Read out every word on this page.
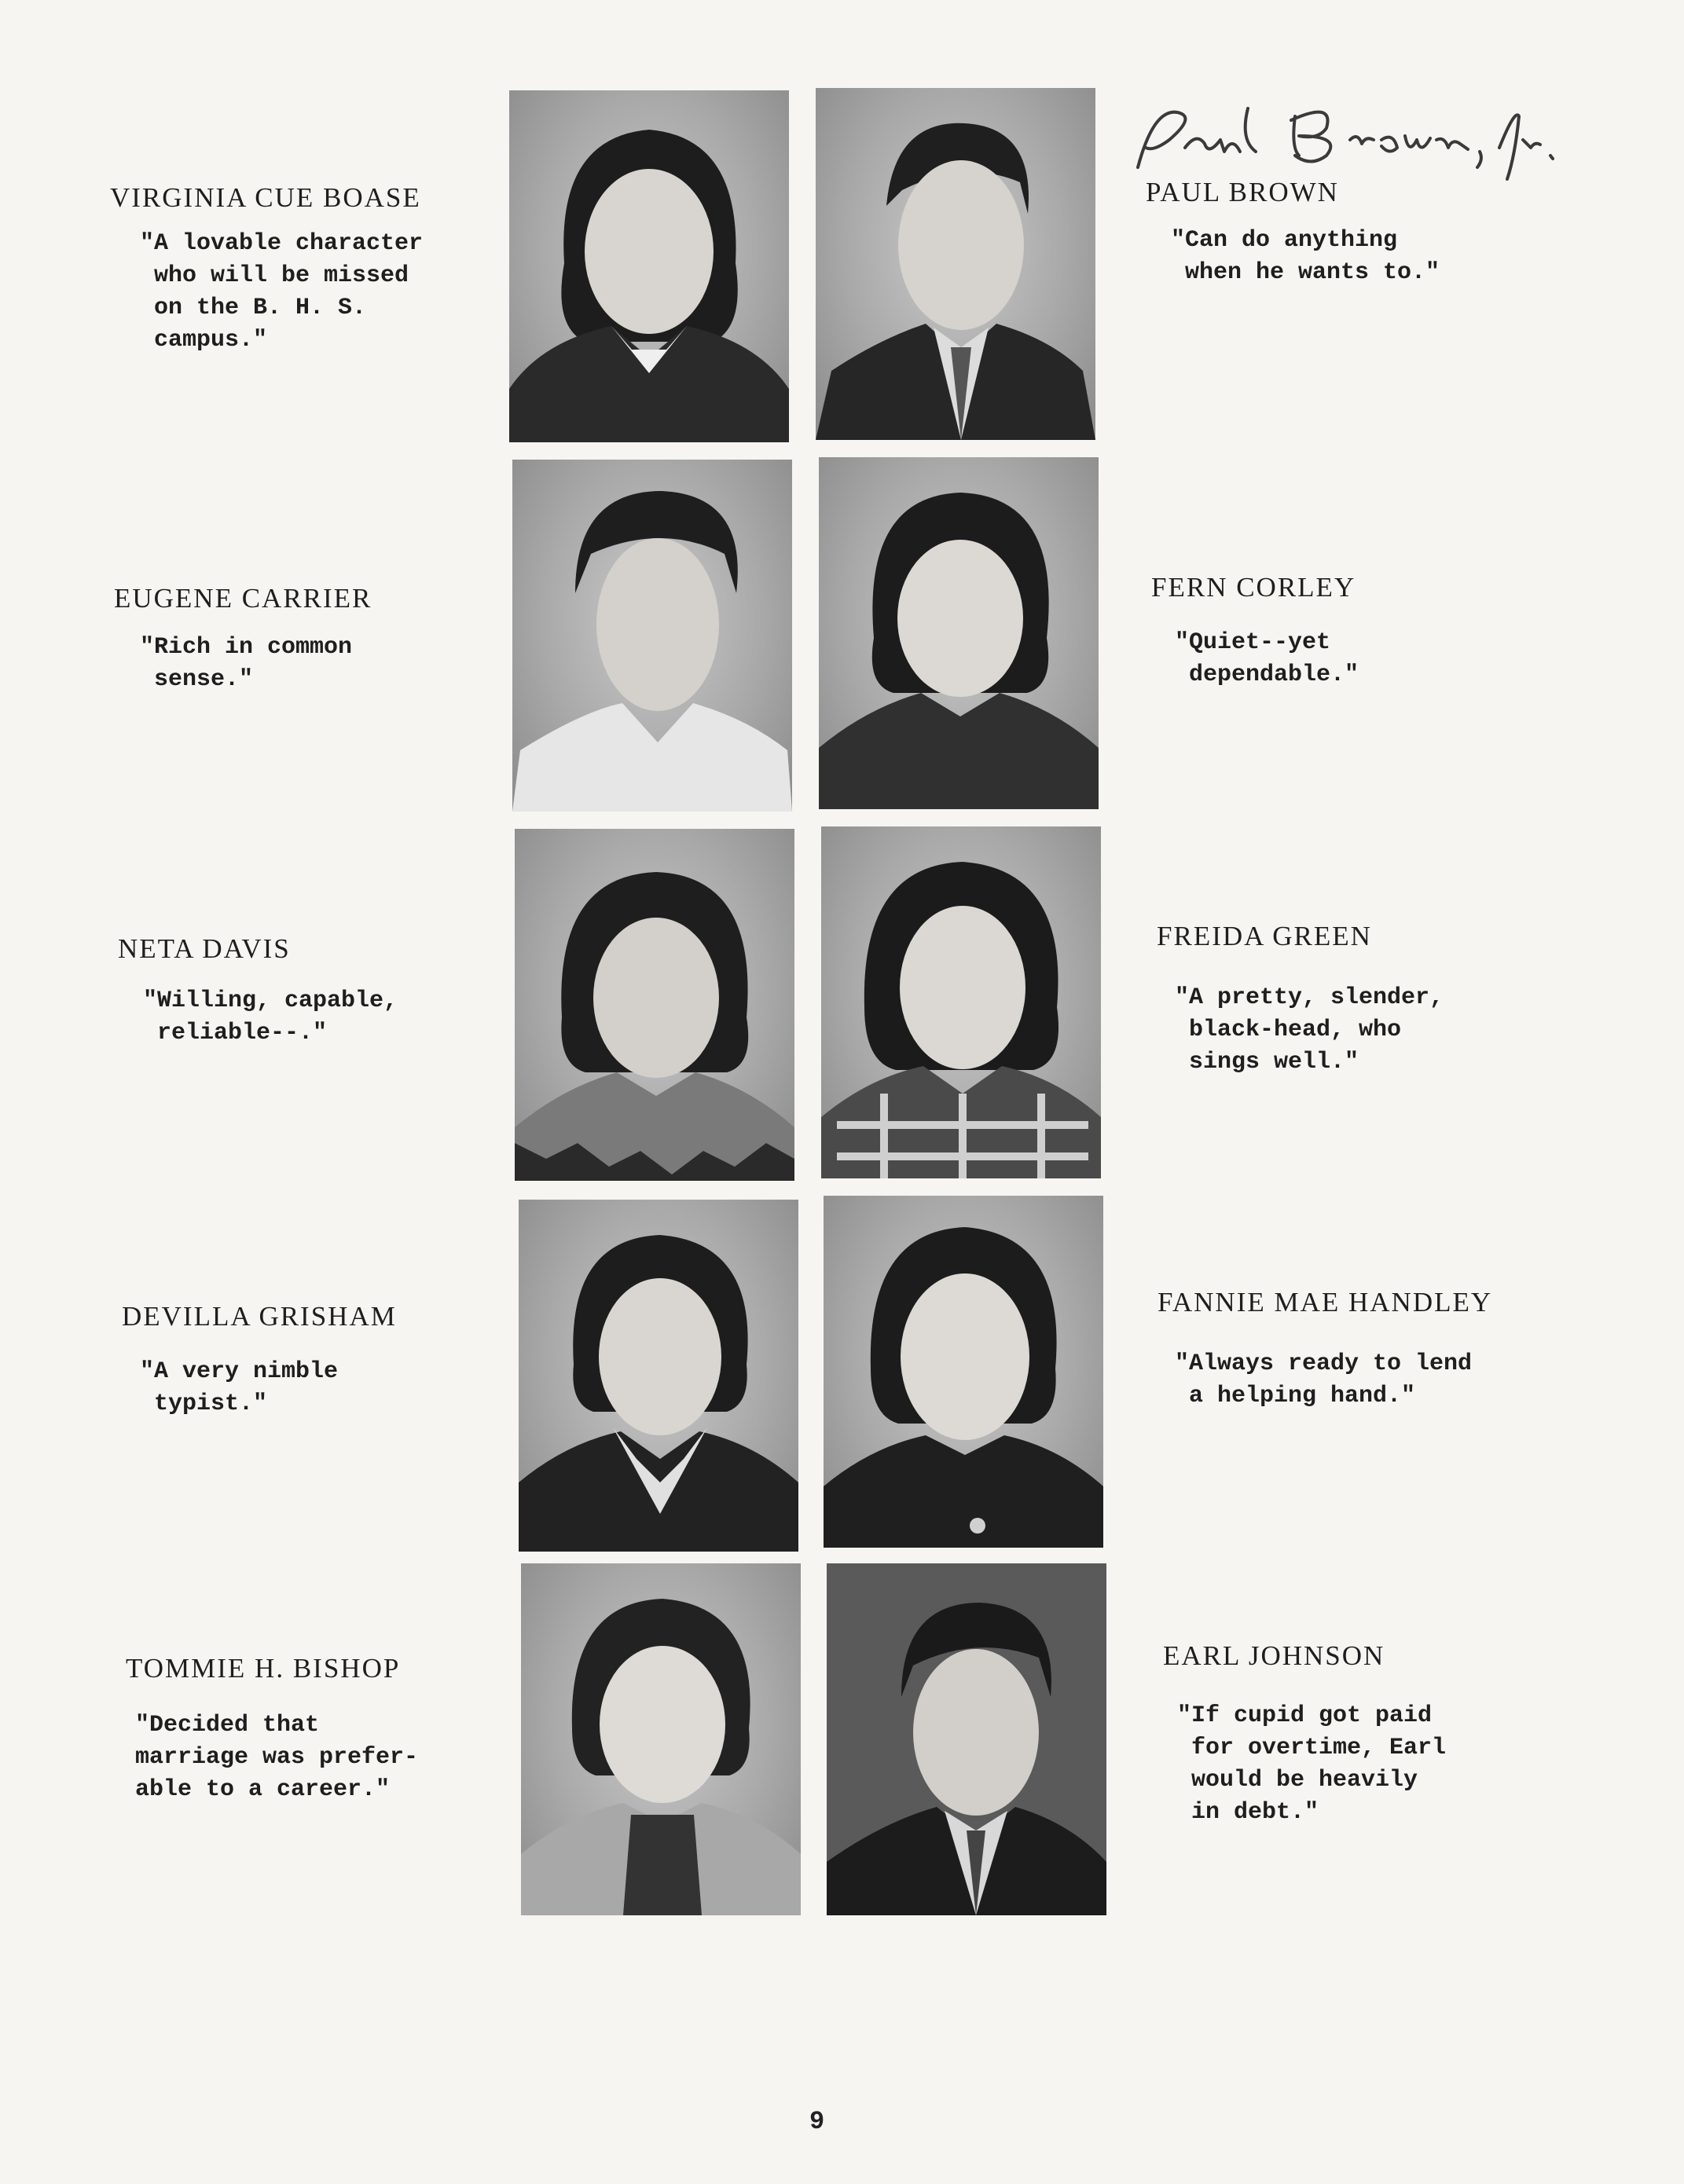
VIRGINIA CUE BOASE
"A lovable character
who will be missed
on the B. H. S.
campus."
PAUL BROWN
"Can do anything
when he wants to."
EUGENE CARRIER
"Rich in common
sense."
FERN CORLEY
"Quiet--yet
dependable."
NETA DAVIS
"Willing, capable,
reliable--."
FREIDA GREEN
"A pretty, slender,
black-head, who
sings well."
DEVILLA GRISHAM
"A very nimble
typist."
FANNIE MAE HANDLEY
"Always ready to lend
a helping hand."
TOMMIE H. BISHOP
"Decided that
marriage was prefer-
able to a career."
EARL JOHNSON
"If cupid got paid
for overtime, Earl
would be heavily
in debt."
9
